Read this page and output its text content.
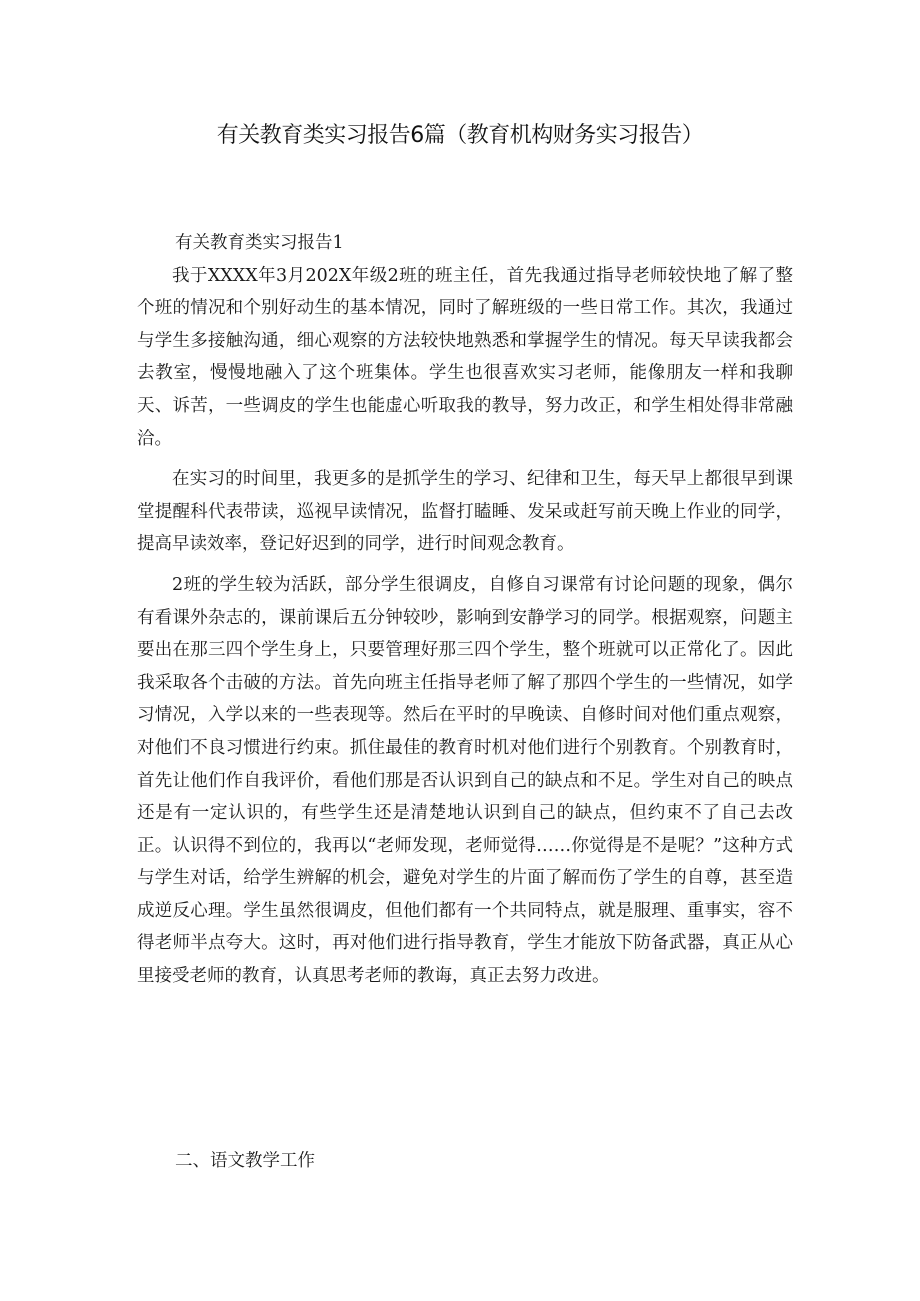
有关教育类实习报告6篇（教育机构财务实习报告）

有关教育类实习报告1

我于XXXX年3月202X年级2班的班主任，首先我通过指导老师较快地了解了整个班的情况和个别好动生的基本情况，同时了解班级的一些日常工作。其次，我通过与学生多接触沟通，细心观察的方法较快地熟悉和掌握学生的情况。每天早读我都会去教室，慢慢地融入了这个班集体。学生也很喜欢实习老师，能像朋友一样和我聊天、诉苦，一些调皮的学生也能虚心听取我的教导，努力改正，和学生相处得非常融洽。

在实习的时间里，我更多的是抓学生的学习、纪律和卫生，每天早上都很早到课堂提醒科代表带读，巡视早读情况，监督打瞌睡、发呆或赶写前天晚上作业的同学，提高早读效率，登记好迟到的同学，进行时间观念教育。

2班的学生较为活跃，部分学生很调皮，自修自习课常有讨论问题的现象，偶尔有看课外杂志的，课前课后五分钟较吵，影响到安静学习的同学。根据观察，问题主要出在那三四个学生身上，只要管理好那三四个学生，整个班就可以正常化了。因此我采取各个击破的方法。首先向班主任指导老师了解了那四个学生的一些情况，如学习情况，入学以来的一些表现等。然后在平时的早晚读、自修时间对他们重点观察，对他们不良习惯进行约束。抓住最佳的教育时机对他们进行个别教育。个别教育时，首先让他们作自我评价，看他们那是否认识到自己的缺点和不足。学生对自己的映点还是有一定认识的，有些学生还是清楚地认识到自己的缺点，但约束不了自己去改正。认识得不到位的，我再以“老师发现，老师觉得……你觉得是不是呢？”这种方式与学生对话，给学生辨解的机会，避免对学生的片面了解而伤了学生的自尊，甚至造成逆反心理。学生虽然很调皮，但他们都有一个共同特点，就是服理、重事实，容不得老师半点夸大。这时，再对他们进行指导教育，学生才能放下防备武器，真正从心里接受老师的教育，认真思考老师的教诲，真正去努力改进。

二、语文教学工作
